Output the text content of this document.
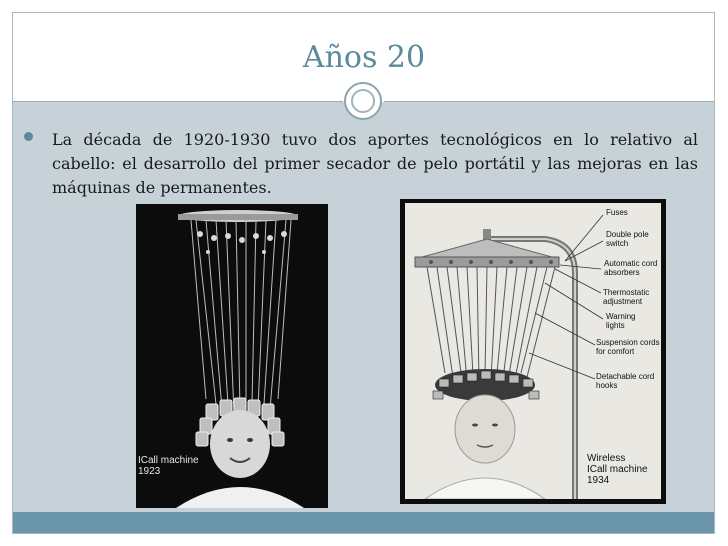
Años 20
La década de 1920-1930 tuvo dos aportes tecnológicos en lo relativo al cabello: el desarrollo del primer secador de pelo portátil y las mejoras en las máquinas de permanentes.
ICall machine
1923
Fuses
Double pole switch
Automatic cord absorbers
Thermostatic adjustment
Warning lights
Suspension cords for comfort
Detachable cord hooks
Wireless
ICall machine
1934
